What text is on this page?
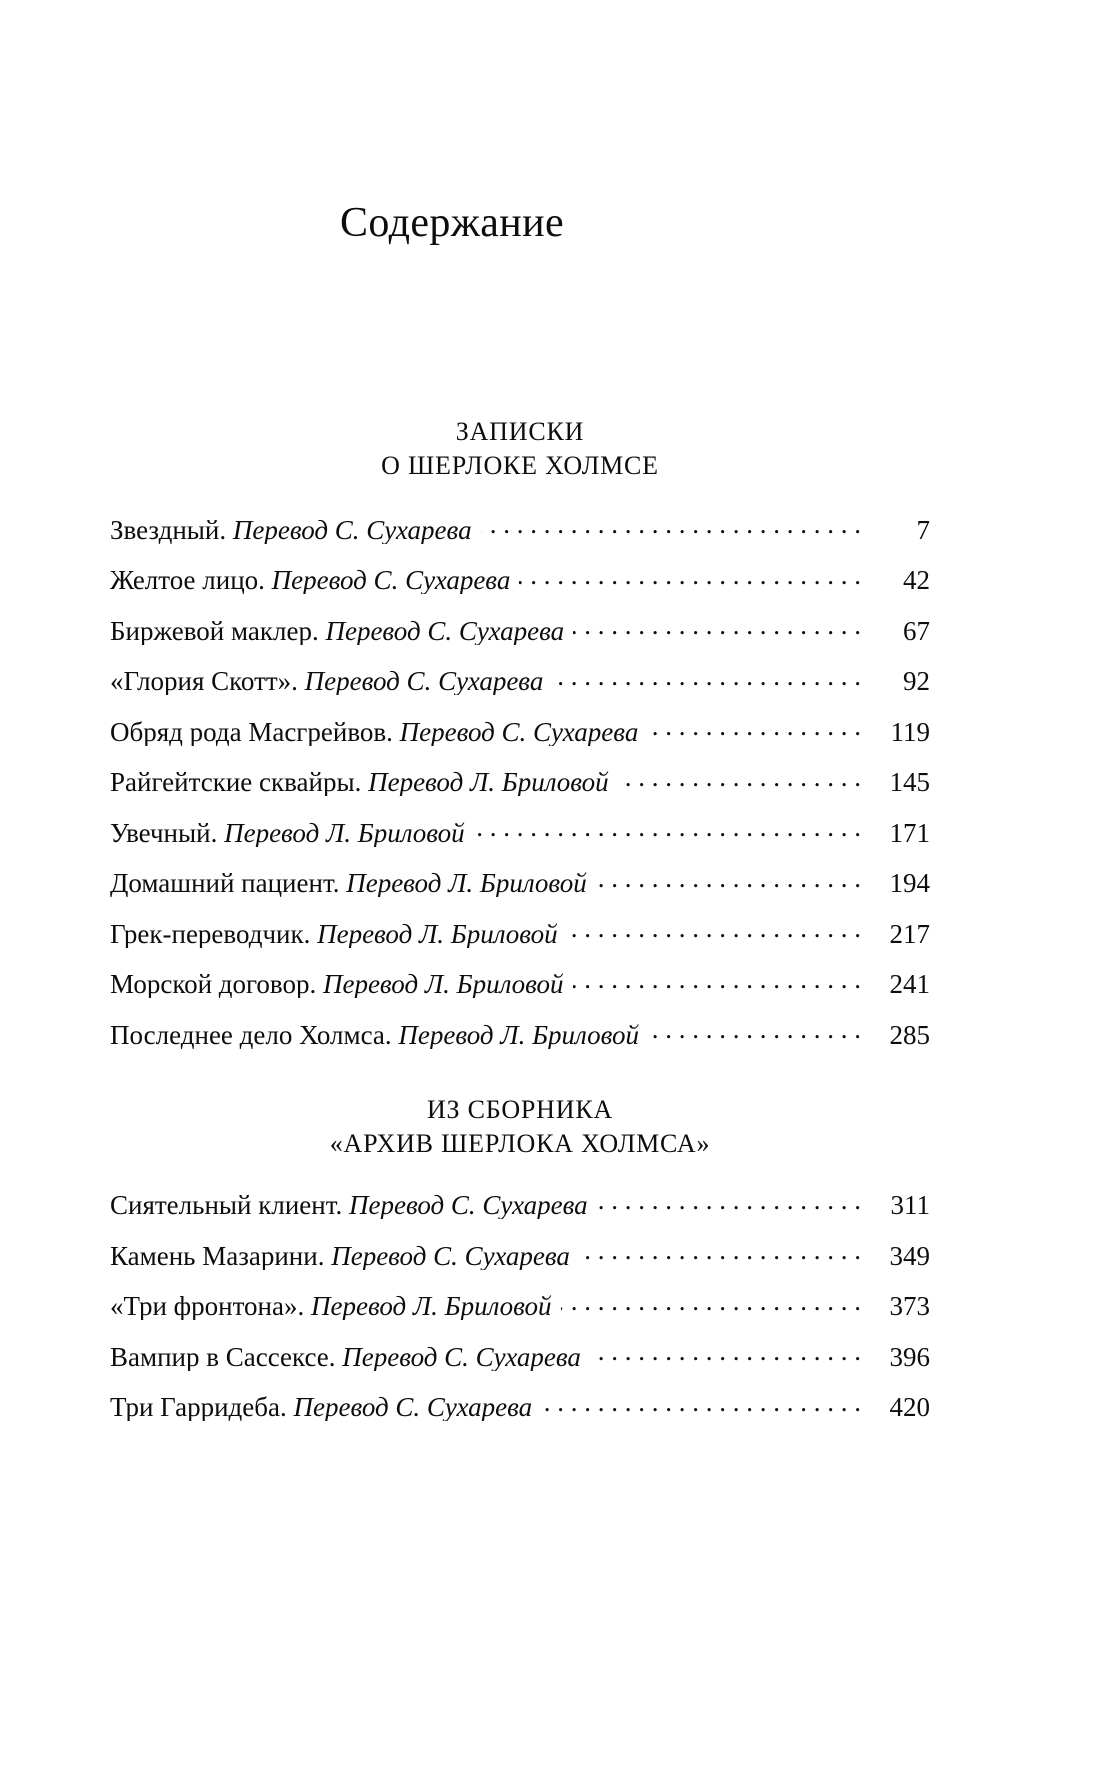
Содержание
ЗАПИСКИ
О ШЕРЛОКЕ ХОЛМСЕ
Звездный. Перевод С. Сухарева . . .	7
Желтое лицо. Перевод С. Сухарева . . .	42
Биржевой маклер. Перевод С. Сухарева . . .	67
«Глория Скотт». Перевод С. Сухарева . . .	92
Обряд рода Масгрейвов. Перевод С. Сухарева . . .	119
Райгейтские сквайры. Перевод Л. Бриловой . . .	145
Увечный. Перевод Л. Бриловой . . .	171
Домашний пациент. Перевод Л. Бриловой . . .	194
Грек-переводчик. Перевод Л. Бриловой . . .	217
Морской договор. Перевод Л. Бриловой . . .	241
Последнее дело Холмса. Перевод Л. Бриловой . . .	285
ИЗ СБОРНИКА
«АРХИВ ШЕРЛОКА ХОЛМСА»
Сиятельный клиент. Перевод С. Сухарева . . .	311
Камень Мазарини. Перевод С. Сухарева . . .	349
«Три фронтона». Перевод Л. Бриловой . . .	373
Вампир в Сассексе. Перевод С. Сухарева . . .	396
Три Гарридеба. Перевод С. Сухарева . . .	420
